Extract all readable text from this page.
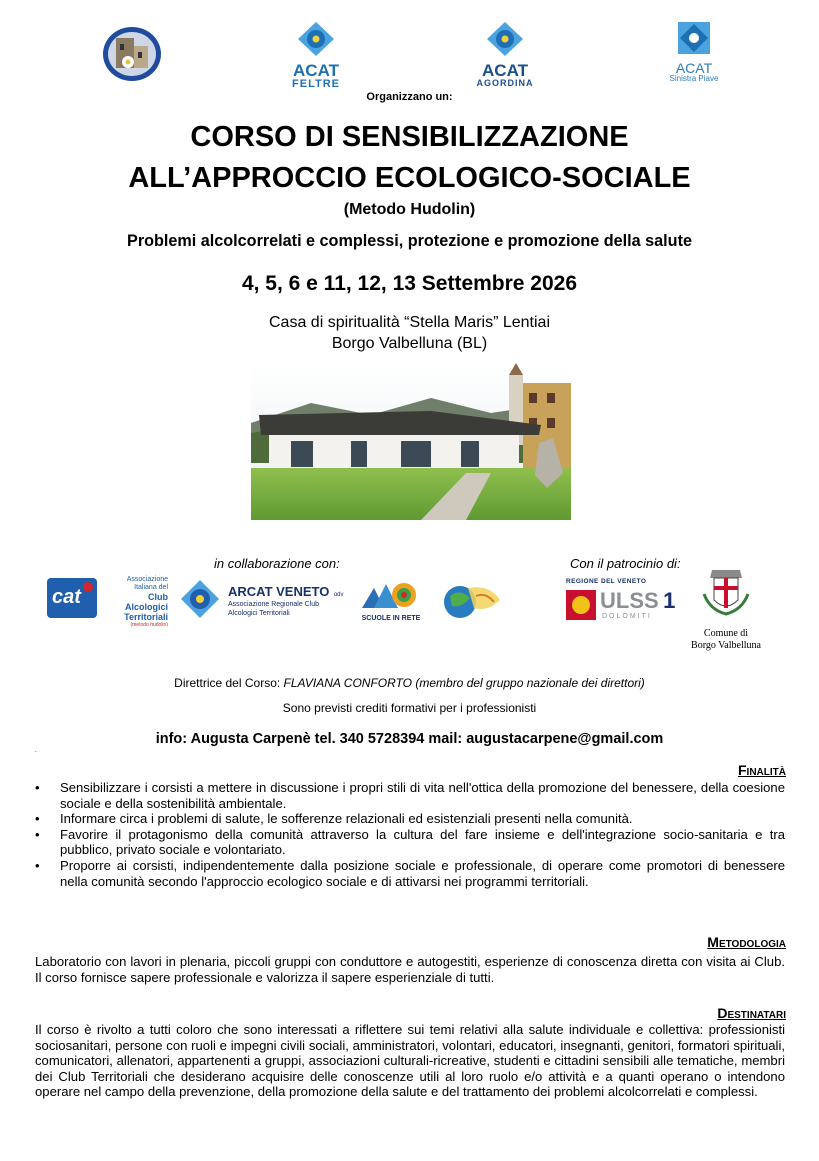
ACAT
FELTRE
ACAT
AGORDINA
ACAT
Sinistra Piave
Organizzano un:
CORSO DI SENSIBILIZZAZIONE
ALL’APPROCCIO ECOLOGICO-SOCIALE
(Metodo Hudolin)
Problemi alcolcorrelati e complessi, protezione e promozione della salute
4, 5, 6 e 11, 12, 13 Settembre 2026
Casa di spiritualità “Stella Maris” Lentiai
Borgo Valbelluna (BL)
in collaborazione con:	Con il patrocinio di:
cat
Associazione
Italiana del
Club
Alcologici
Territoriali
(metodo hudolin)
ARCAT VENETO odv
Associazione Regionale Club
Alcologici Territoriali
SCUOLE IN RETE
REGIONE DEL VENETO
ULSS 1
DOLOMITI
Comune di
Borgo Valbelluna
Direttrice del Corso: FLAVIANA CONFORTO (membro del gruppo nazionale dei direttori)
Sono previsti crediti formativi per i professionisti
info: Augusta Carpenè tel. 340 5728394 mail: augustacarpene@gmail.com
.
Finalità
• Sensibilizzare i corsisti a mettere in discussione i propri stili di vita nell'ottica della promozione del benessere, della coesione sociale e della sostenibilità ambientale.
• Informare circa i problemi di salute, le sofferenze relazionali ed esistenziali presenti nella comunità.
• Favorire il protagonismo della comunità attraverso la cultura del fare insieme e dell'integrazione socio-sanitaria e tra pubblico, privato sociale e volontariato.
• Proporre ai corsisti, indipendentemente dalla posizione sociale e professionale, di operare come promotori di benessere nella comunità secondo l'approccio ecologico sociale e di attivarsi nei programmi territoriali.
Metodologia
Laboratorio con lavori in plenaria, piccoli gruppi con conduttore e autogestiti, esperienze di conoscenza diretta con visita ai Club. Il corso fornisce sapere professionale e valorizza il sapere esperienziale di tutti.
Destinatari
Il corso è rivolto a tutti coloro che sono interessati a riflettere sui temi relativi alla salute individuale e collettiva: professionisti sociosanitari, persone con ruoli e impegni civili sociali, amministratori, volontari, educatori, insegnanti, genitori, formatori spirituali, comunicatori, allenatori, appartenenti a gruppi, associazioni culturali-ricreative, studenti e cittadini sensibili alle tematiche, membri dei Club Territoriali che desiderano acquisire delle conoscenze utili al loro ruolo e/o attività e a quanti operano o intendono operare nel campo della prevenzione, della promozione della salute e del trattamento dei problemi alcolcorrelati e complessi.
